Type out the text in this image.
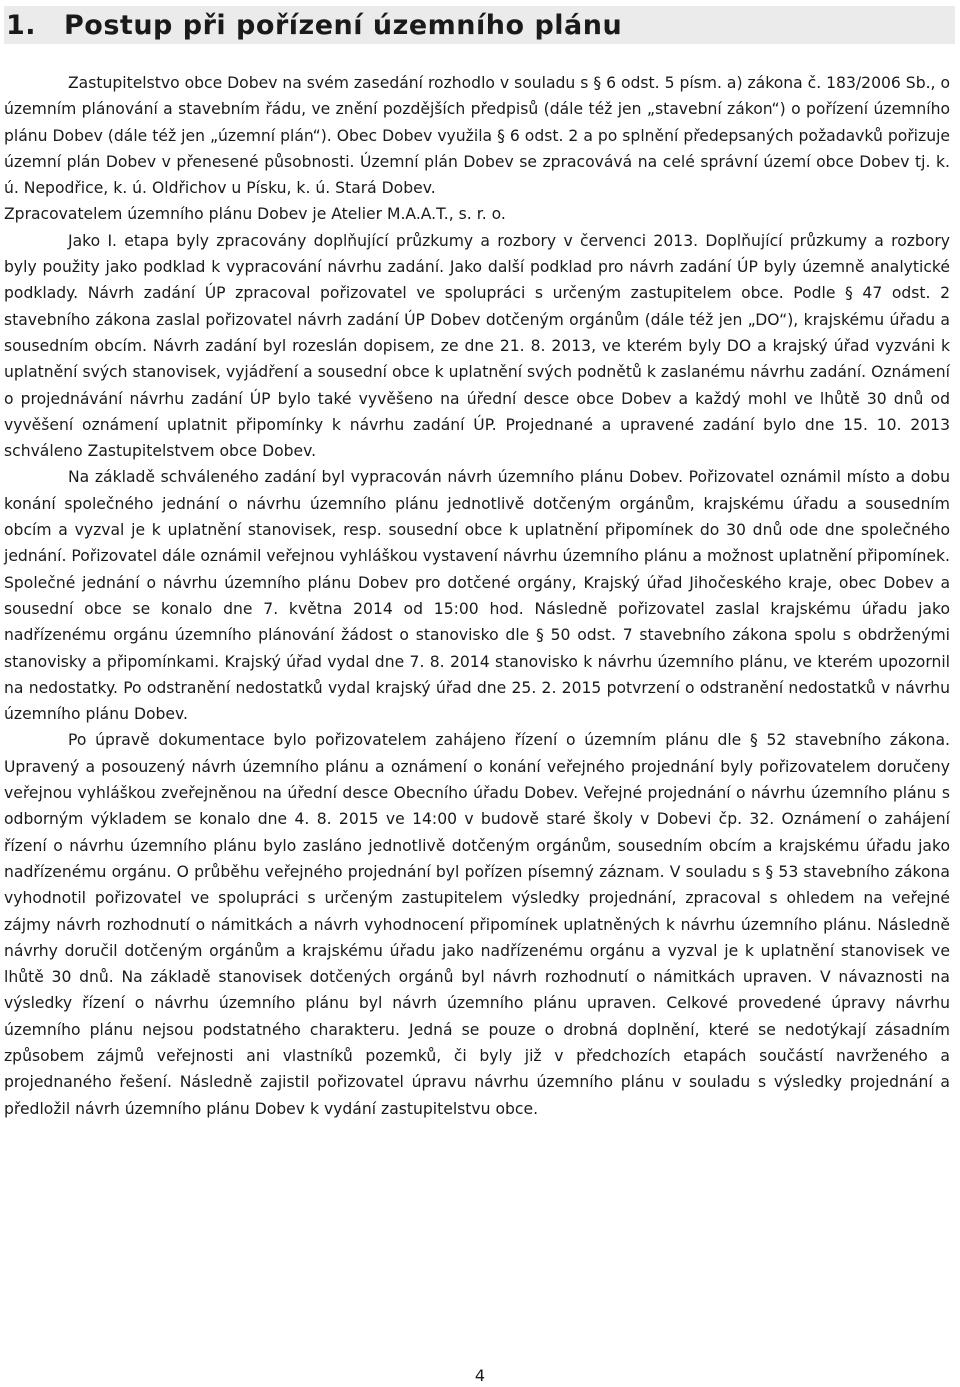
1.	Postup při pořízení územního plánu

Zastupitelstvo obce Dobev na svém zasedání rozhodlo v souladu s § 6 odst. 5 písm. a) zákona č. 183/2006 Sb., o územním plánování a stavebním řádu, ve znění pozdějších předpisů (dále též jen „stavební zákon“) o pořízení územního plánu Dobev (dále též jen „územní plán“). Obec Dobev využila § 6 odst. 2 a po splnění předepsaných požadavků pořizuje územní plán Dobev v přenesené působnosti. Územní plán Dobev se zpracovává na celé správní území obce Dobev tj. k. ú. Nepodřice, k. ú. Oldřichov u Písku, k. ú. Stará Dobev.

Zpracovatelem územního plánu Dobev je Atelier M.A.A.T., s. r. o.

Jako I. etapa byly zpracovány doplňující průzkumy a rozbory v červenci 2013. Doplňující průzkumy a rozbory byly použity jako podklad k vypracování návrhu zadání. Jako další podklad pro návrh zadání ÚP byly územně analytické podklady. Návrh zadání ÚP zpracoval pořizovatel ve spolupráci s určeným zastupitelem obce. Podle § 47 odst. 2 stavebního zákona zaslal pořizovatel návrh zadání ÚP Dobev dotčeným orgánům (dále též jen „DO“), krajskému úřadu a sousedním obcím. Návrh zadání byl rozeslán dopisem, ze dne 21. 8. 2013, ve kterém byly DO a krajský úřad vyzváni k uplatnění svých stanovisek, vyjádření a sousední obce k uplatnění svých podnětů k zaslanému návrhu zadání. Oznámení o projednávání návrhu zadání ÚP bylo také vyvěšeno na úřední desce obce Dobev a každý mohl ve lhůtě 30 dnů od vyvěšení oznámení uplatnit připomínky k návrhu zadání ÚP. Projednané a upravené zadání bylo dne 15. 10. 2013 schváleno Zastupitelstvem obce Dobev.

Na základě schváleného zadání byl vypracován návrh územního plánu Dobev. Pořizovatel oznámil místo a dobu konání společného jednání o návrhu územního plánu jednotlivě dotčeným orgánům, krajskému úřadu a sousedním obcím a vyzval je k uplatnění stanovisek, resp. sousední obce k uplatnění připomínek do 30 dnů ode dne společného jednání. Pořizovatel dále oznámil veřejnou vyhláškou vystavení návrhu územního plánu a možnost uplatnění připomínek. Společné jednání o návrhu územního plánu Dobev pro dotčené orgány, Krajský úřad Jihočeského kraje, obec Dobev a sousední obce se konalo dne 7. května 2014 od 15:00 hod. Následně pořizovatel zaslal krajskému úřadu jako nadřízenému orgánu územního plánování žádost o stanovisko dle § 50 odst. 7 stavebního zákona spolu s obdrženými stanovisky a připomínkami. Krajský úřad vydal dne 7. 8. 2014 stanovisko k návrhu územního plánu, ve kterém upozornil na nedostatky. Po odstranění nedostatků vydal krajský úřad dne 25. 2. 2015 potvrzení o odstranění nedostatků v návrhu územního plánu Dobev.

Po úpravě dokumentace bylo pořizovatelem zahájeno řízení o územním plánu dle § 52 stavebního zákona. Upravený a posouzený návrh územního plánu a oznámení o konání veřejného projednání byly pořizovatelem doručeny veřejnou vyhláškou zveřejněnou na úřední desce Obecního úřadu Dobev. Veřejné projednání o návrhu územního plánu s odborným výkladem se konalo dne 4. 8. 2015 ve 14:00 v budově staré školy v Dobevi čp. 32. Oznámení o zahájení řízení o návrhu územního plánu bylo zasláno jednotlivě dotčeným orgánům, sousedním obcím a krajskému úřadu jako nadřízenému orgánu. O průběhu veřejného projednání byl pořízen písemný záznam. V souladu s § 53 stavebního zákona vyhodnotil pořizovatel ve spolupráci s určeným zastupitelem výsledky projednání, zpracoval s ohledem na veřejné zájmy návrh rozhodnutí o námitkách a návrh vyhodnocení připomínek uplatněných k návrhu územního plánu. Následně návrhy doručil dotčeným orgánům a krajskému úřadu jako nadřízenému orgánu a vyzval je k uplatnění stanovisek ve lhůtě 30 dnů. Na základě stanovisek dotčených orgánů byl návrh rozhodnutí o námitkách upraven. V návaznosti na výsledky řízení o návrhu územního plánu byl návrh územního plánu upraven. Celkové provedené úpravy návrhu územního plánu nejsou podstatného charakteru. Jedná se pouze o drobná doplnění, které se nedotýkají zásadním způsobem zájmů veřejnosti ani vlastníků pozemků, či byly již v předchozích etapách součástí navrženého a projednaného řešení. Následně zajistil pořizovatel úpravu návrhu územního plánu v souladu s výsledky projednání a předložil návrh územního plánu Dobev k vydání zastupitelstvu obce.

4
